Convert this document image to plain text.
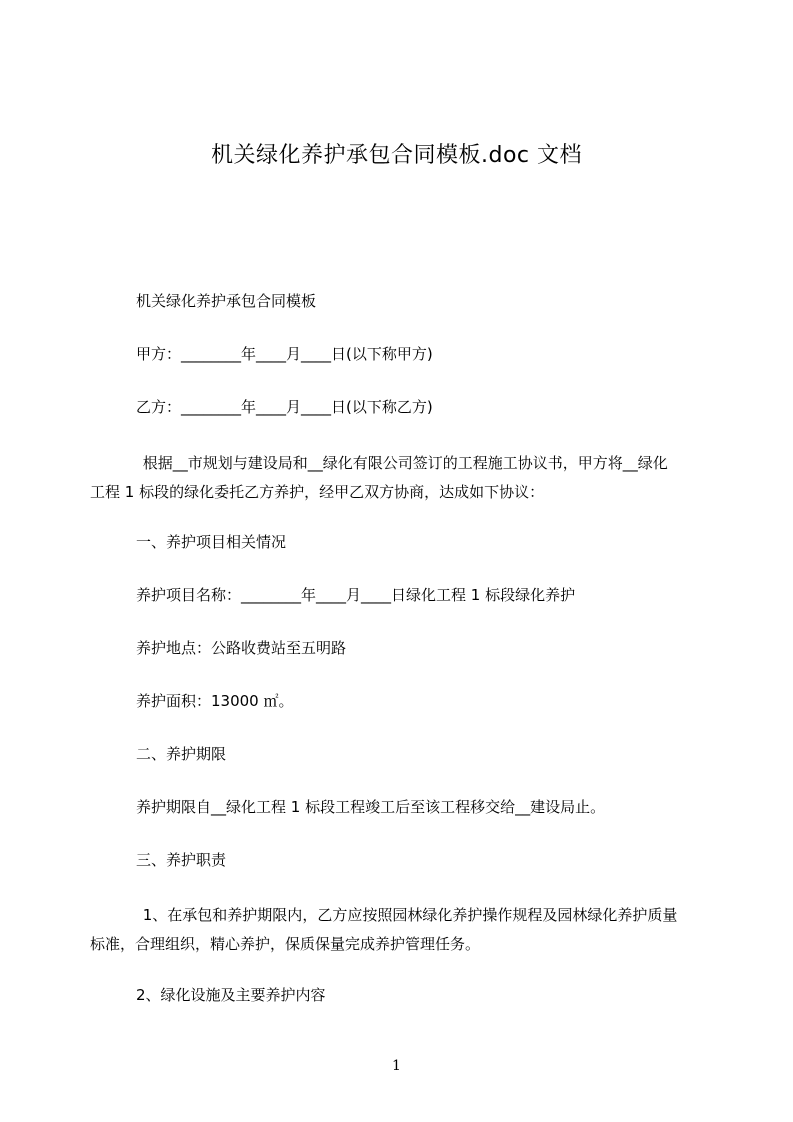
机关绿化养护承包合同模板.doc 文档
机关绿化养护承包合同模板
甲方：________年____月____日(以下称甲方)
乙方：________年____月____日(以下称乙方)
根据__市规划与建设局和__绿化有限公司签订的工程施工协议书，甲方将__绿化
工程 1 标段的绿化委托乙方养护，经甲乙双方协商，达成如下协议：
一、养护项目相关情况
养护项目名称：________年____月____日绿化工程 1 标段绿化养护
养护地点：公路收费站至五明路
养护面积：13000 ㎡。
二、养护期限
养护期限自__绿化工程 1 标段工程竣工后至该工程移交给__建设局止。
三、养护职责
1、在承包和养护期限内，乙方应按照园林绿化养护操作规程及园林绿化养护质量
标准，合理组织，精心养护，保质保量完成养护管理任务。
2、绿化设施及主要养护内容
1
